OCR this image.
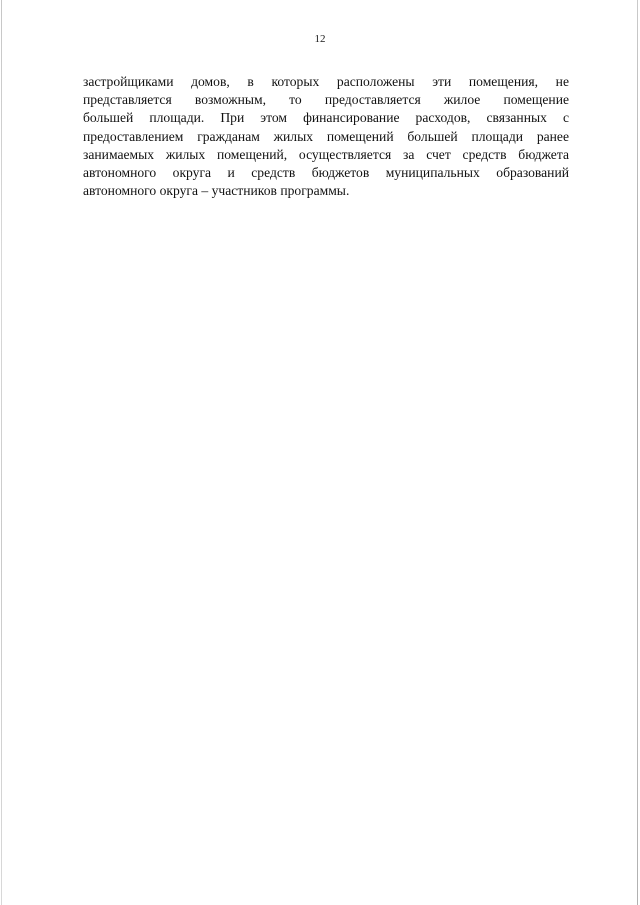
12

застройщиками домов, в которых расположены эти помещения, не
представляется возможным, то предоставляется жилое помещение
большей площади. При этом финансирование расходов, связанных с
предоставлением гражданам жилых помещений большей площади ранее
занимаемых жилых помещений, осуществляется за счет средств бюджета
автономного округа и средств бюджетов муниципальных образований
автономного округа – участников программы.
